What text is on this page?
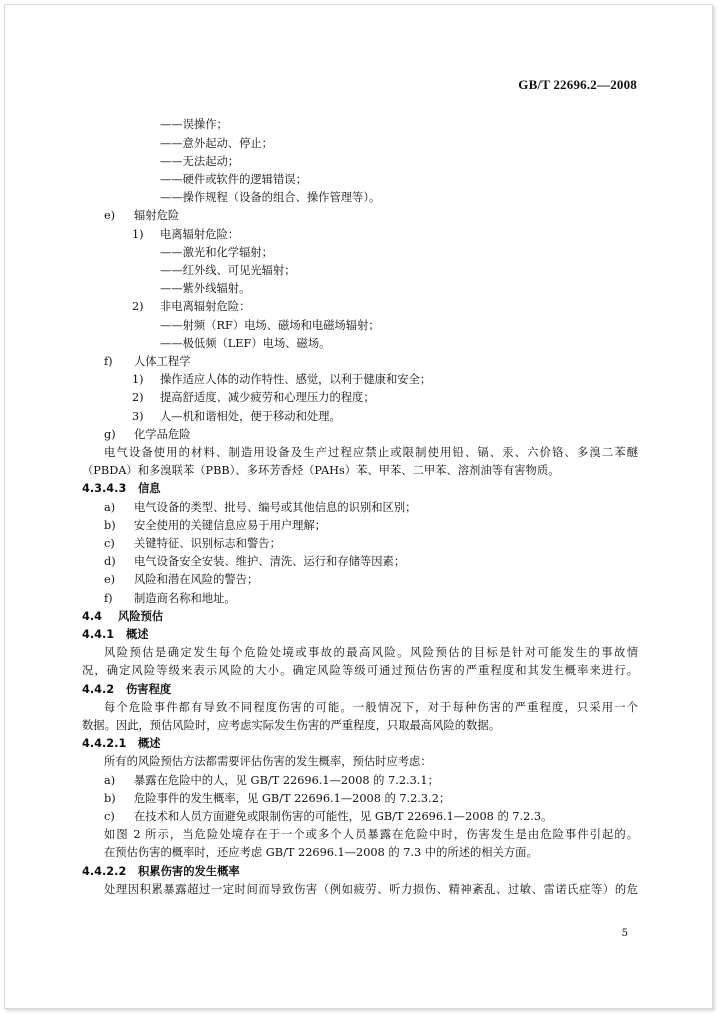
GB/T 22696.2—2008
——误操作；
——意外起动、停止；
——无法起动；
——硬件或软件的逻辑错误；
——操作规程（设备的组合、操作管理等）。
e) 辐射危险
1) 电离辐射危险：
——激光和化学辐射；
——红外线、可见光辐射；
——紫外线辐射。
2) 非电离辐射危险：
——射频（RF）电场、磁场和电磁场辐射；
——极低频（LEF）电场、磁场。
f) 人体工程学
1) 操作适应人体的动作特性、感觉，以利于健康和安全；
2) 提高舒适度、减少疲劳和心理压力的程度；
3) 人—机和谐相处，便于移动和处理。
g) 化学品危险
电气设备使用的材料、制造用设备及生产过程应禁止或限制使用铅、镉、汞、六价铬、多溴二苯醚
（PBDA）和多溴联苯（PBB）、多环芳香烃（PAHs）苯、甲苯、二甲苯、溶剂油等有害物质。
4.3.4.3 信息
a) 电气设备的类型、批号、编号或其他信息的识别和区别；
b) 安全使用的关键信息应易于用户理解；
c) 关键特征、识别标志和警告；
d) 电气设备安全安装、维护、清洗、运行和存储等因素；
e) 风险和潜在风险的警告；
f) 制造商名称和地址。
4.4 风险预估
4.4.1 概述
风险预估是确定发生每个危险处境或事故的最高风险。风险预估的目标是针对可能发生的事故情
况，确定风险等级来表示风险的大小。确定风险等级可通过预估伤害的严重程度和其发生概率来进行。
4.4.2 伤害程度
每个危险事件都有导致不同程度伤害的可能。一般情况下，对于每种伤害的严重程度，只采用一个
数据。因此，预估风险时，应考虑实际发生伤害的严重程度，只取最高风险的数据。
4.4.2.1 概述
所有的风险预估方法都需要评估伤害的发生概率，预估时应考虑：
a) 暴露在危险中的人，见 GB/T 22696.1—2008 的 7.2.3.1；
b) 危险事件的发生概率，见 GB/T 22696.1—2008 的 7.2.3.2；
c) 在技术和人员方面避免或限制伤害的可能性，见 GB/T 22696.1—2008 的 7.2.3。
如图 2 所示，当危险处境存在于一个或多个人员暴露在危险中时，伤害发生是由危险事件引起的。
在预估伤害的概率时，还应考虑 GB/T 22696.1—2008 的 7.3 中的所述的相关方面。
4.4.2.2 积累伤害的发生概率
处理因积累暴露超过一定时间而导致伤害（例如疲劳、听力损伤、精神紊乱、过敏、雷诺氏症等）的危
5
